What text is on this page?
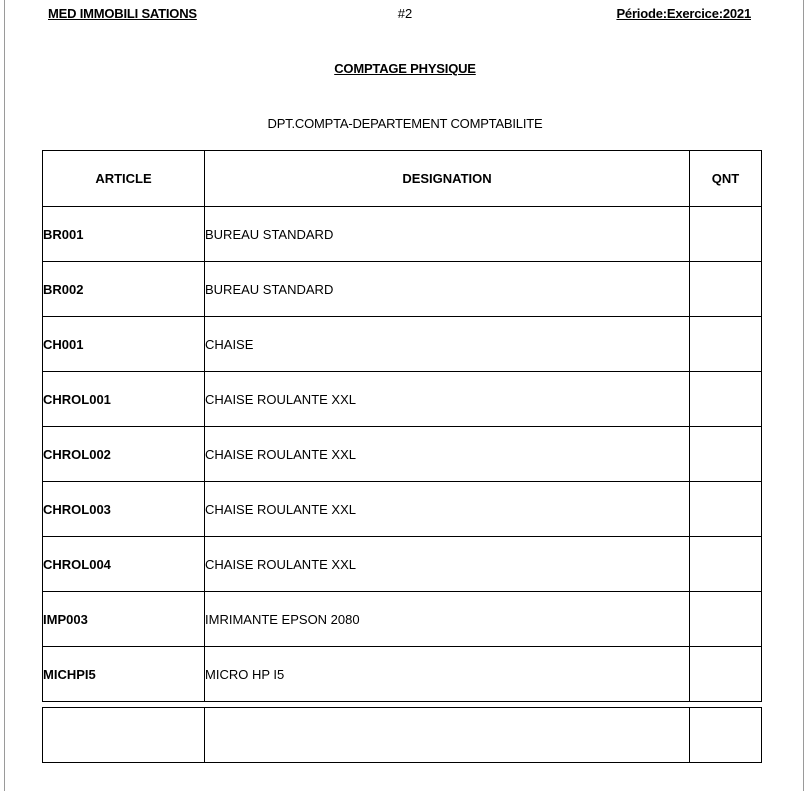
MED IMMOBILI SATIONS	#2	Période:Exercice:2021
COMPTAGE PHYSIQUE
DPT.COMPTA-DEPARTEMENT COMPTABILITE
ARTICLE	DESIGNATION	QNT
BR001	BUREAU STANDARD	
BR002	BUREAU STANDARD	
CH001	CHAISE	
CHROL001	CHAISE ROULANTE XXL	
CHROL002	CHAISE ROULANTE XXL	
CHROL003	CHAISE ROULANTE XXL	
CHROL004	CHAISE ROULANTE XXL	
IMP003	IMRIMANTE EPSON 2080	
MICHPI5	MICRO HP I5	
